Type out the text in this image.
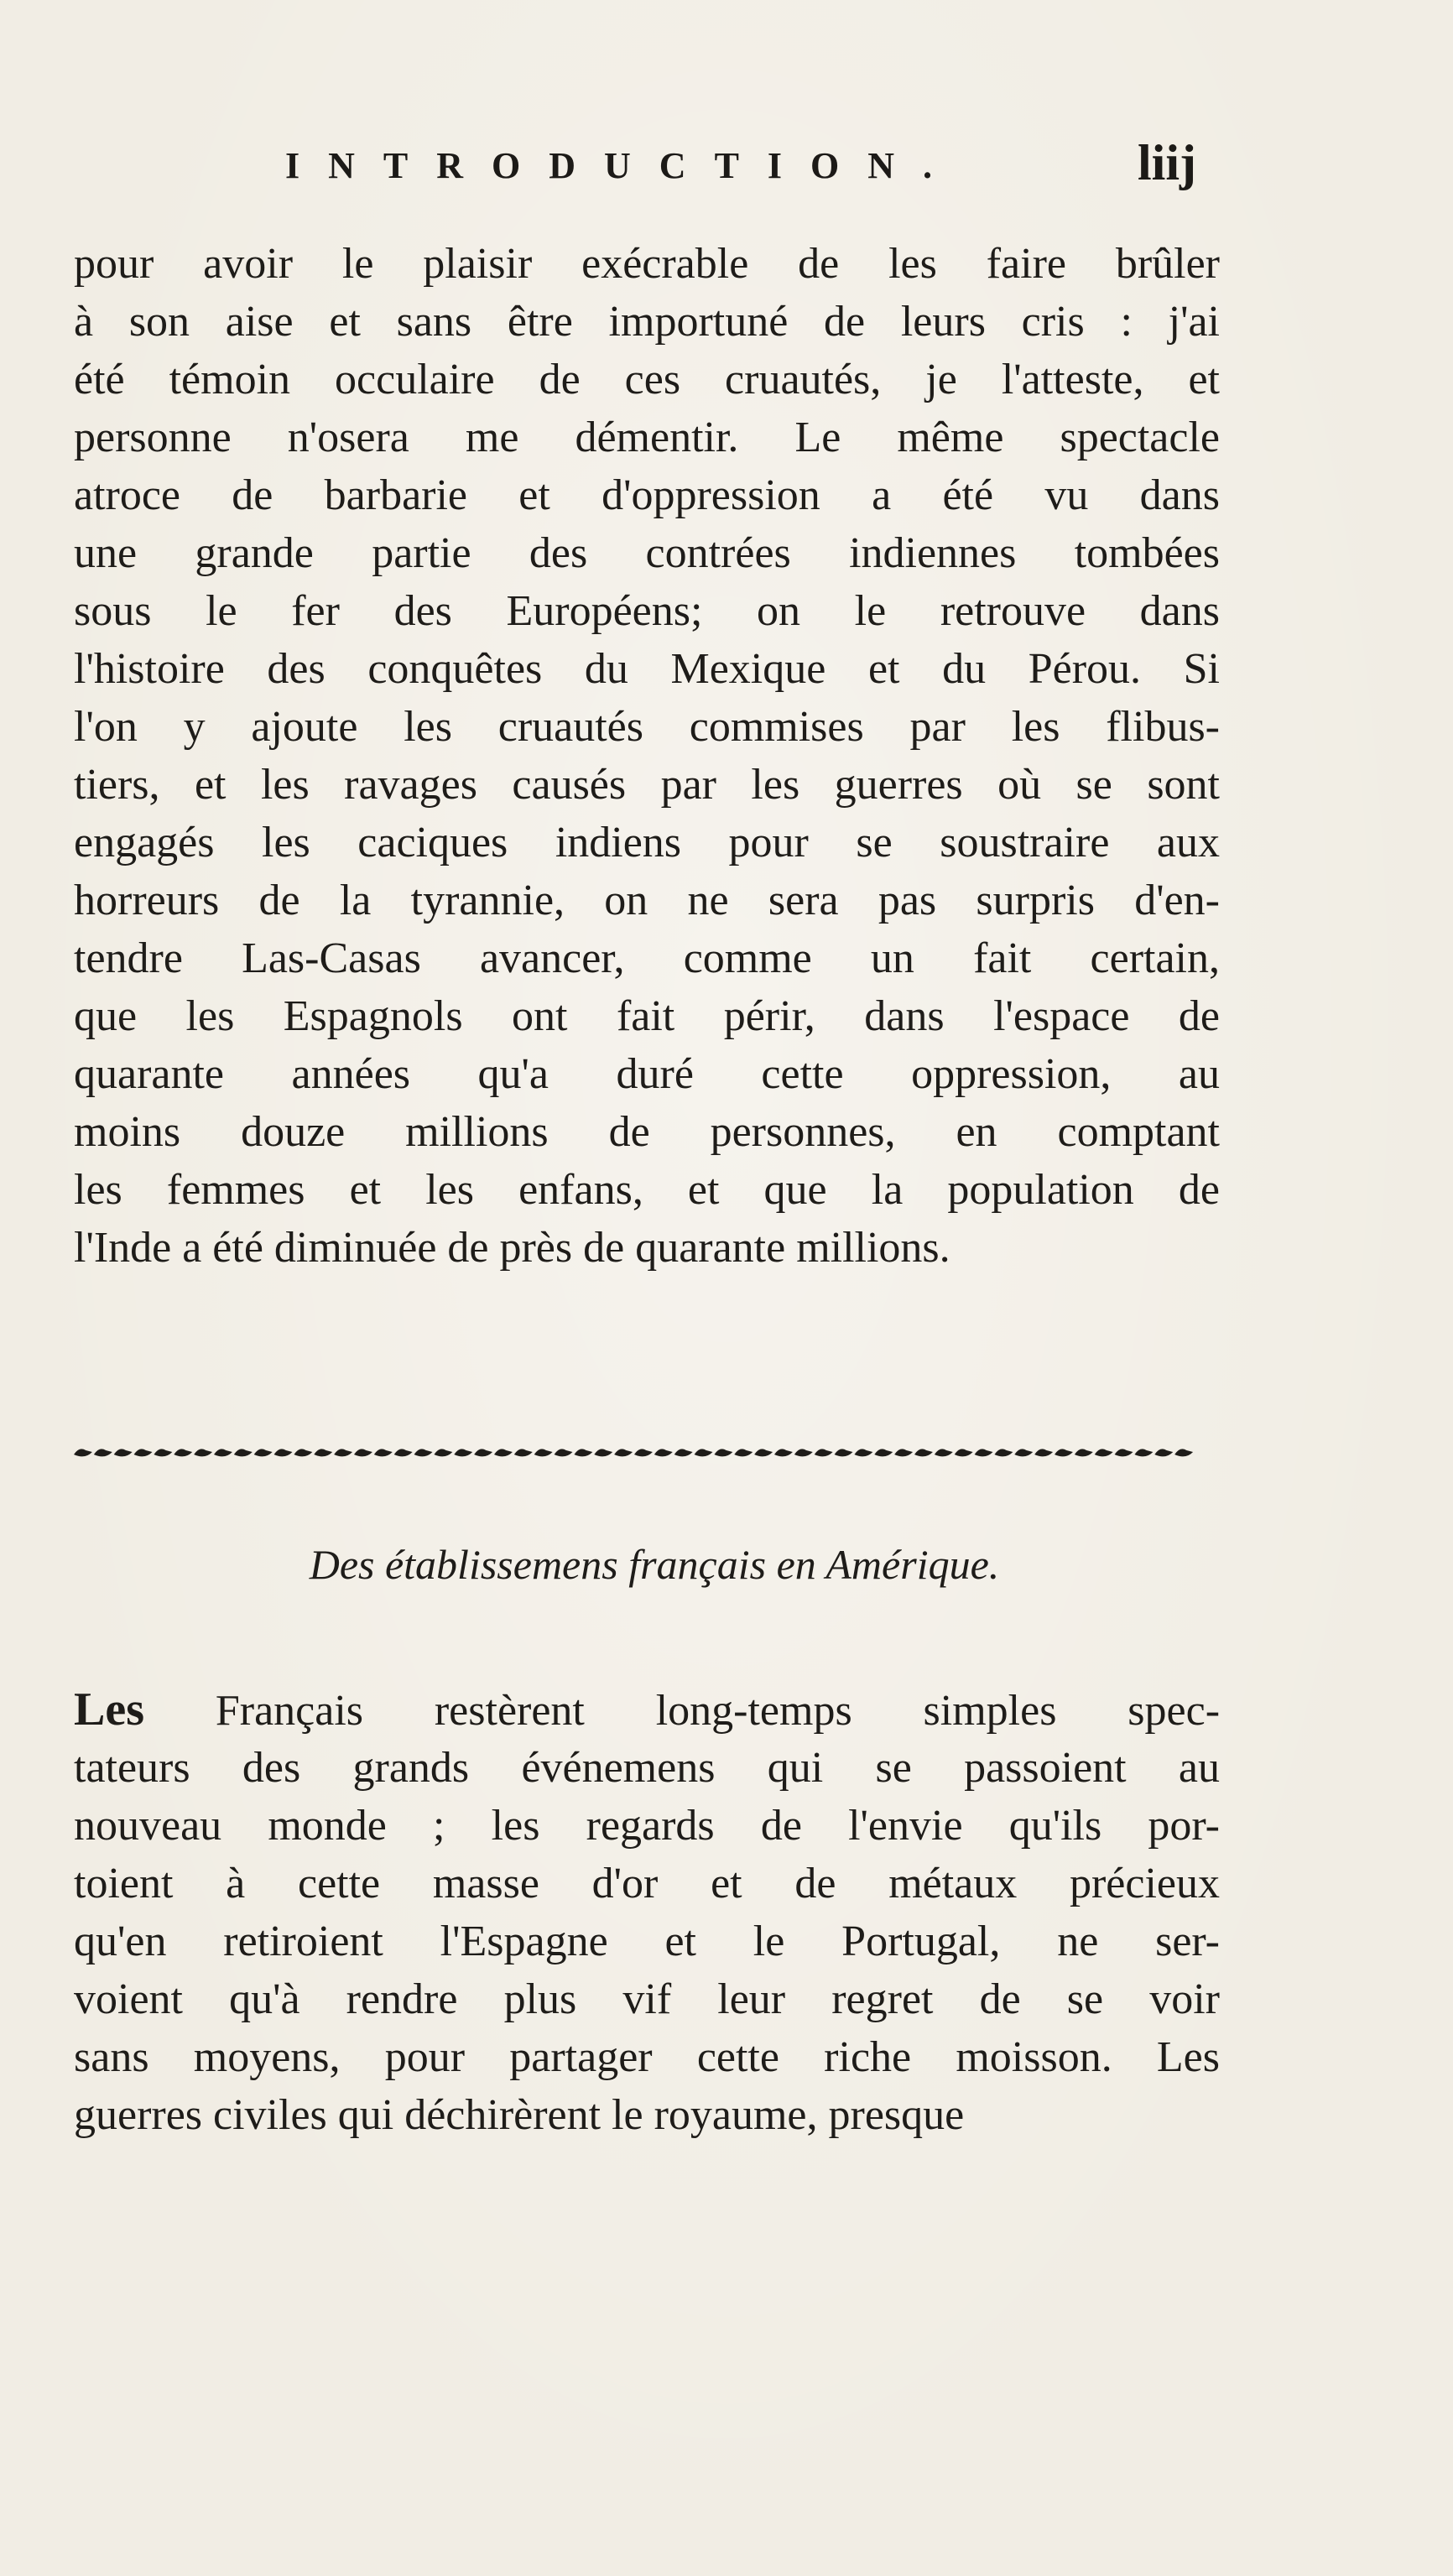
INTRODUCTION.	liij
pour avoir le plaisir exécrable de les faire brûler
à son aise et sans être importuné de leurs cris : j'ai
été témoin occulaire de ces cruautés, je l'atteste, et
personne n'osera me démentir. Le même spectacle
atroce de barbarie et d'oppression a été vu dans
une grande partie des contrées indiennes tombées
sous le fer des Européens; on le retrouve dans
l'histoire des conquêtes du Mexique et du Pérou. Si
l'on y ajoute les cruautés commises par les flibus-
tiers, et les ravages causés par les guerres où se sont
engagés les caciques indiens pour se soustraire aux
horreurs de la tyrannie, on ne sera pas surpris d'en-
tendre Las-Casas avancer, comme un fait certain,
que les Espagnols ont fait périr, dans l'espace de
quarante années qu'a duré cette oppression, au
moins douze millions de personnes, en comptant
les femmes et les enfans, et que la population de
l'Inde a été diminuée de près de quarante millions.
Des établissemens français en Amérique.
Les Français restèrent long-temps simples spec-
tateurs des grands événemens qui se passoient au
nouveau monde ; les regards de l'envie qu'ils por-
toient à cette masse d'or et de métaux précieux
qu'en retiroient l'Espagne et le Portugal, ne ser-
voient qu'à rendre plus vif leur regret de se voir
sans moyens, pour partager cette riche moisson. Les
guerres civiles qui déchirèrent le royaume, presque
